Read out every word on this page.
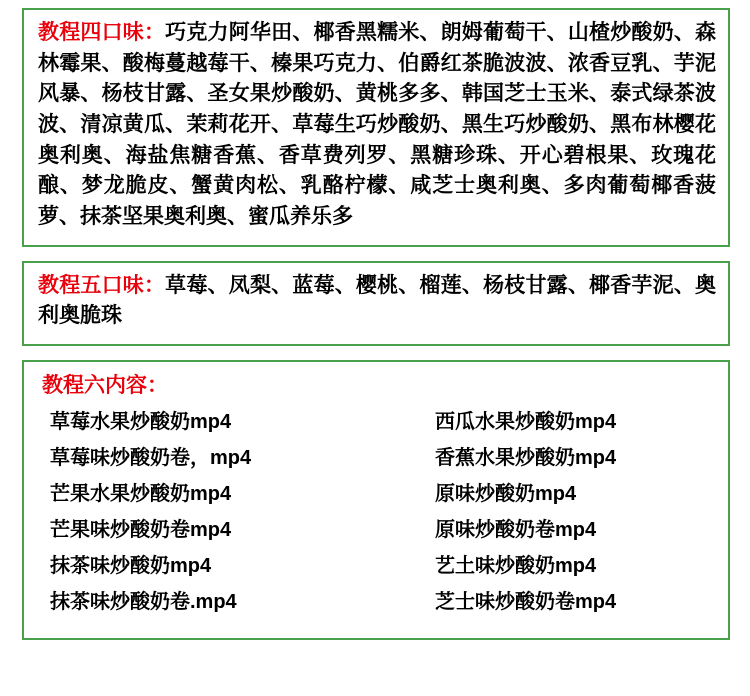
教程四口味：巧克力阿华田、椰香黑糯米、朗姆葡萄干、山楂炒酸奶、森林霉果、酸梅蔓越莓干、榛果巧克力、伯爵红茶脆波波、浓香豆乳、芋泥风暴、杨枝甘露、圣女果炒酸奶、黄桃多多、韩国芝士玉米、泰式绿茶波波、清凉黄瓜、茉莉花开、草莓生巧炒酸奶、黑生巧炒酸奶、黑布林樱花奥利奥、海盐焦糖香蕉、香草费列罗、黑糖珍珠、开心碧根果、玫瑰花酿、梦龙脆皮、蟹黄肉松、乳酪柠檬、咸芝士奥利奥、多肉葡萄椰香菠萝、抹茶坚果奥利奥、蜜瓜养乐多

教程五口味：草莓、凤梨、蓝莓、樱桃、榴莲、杨枝甘露、椰香芋泥、奥利奥脆珠

教程六内容：
草莓水果炒酸奶mp4
草莓味炒酸奶卷，mp4
芒果水果炒酸奶mp4
芒果味炒酸奶卷mp4
抹茶味炒酸奶mp4
抹茶味炒酸奶卷.mp4
西瓜水果炒酸奶mp4
香蕉水果炒酸奶mp4
原味炒酸奶mp4
原味炒酸奶卷mp4
艺土味炒酸奶mp4
芝士味炒酸奶卷mp4
